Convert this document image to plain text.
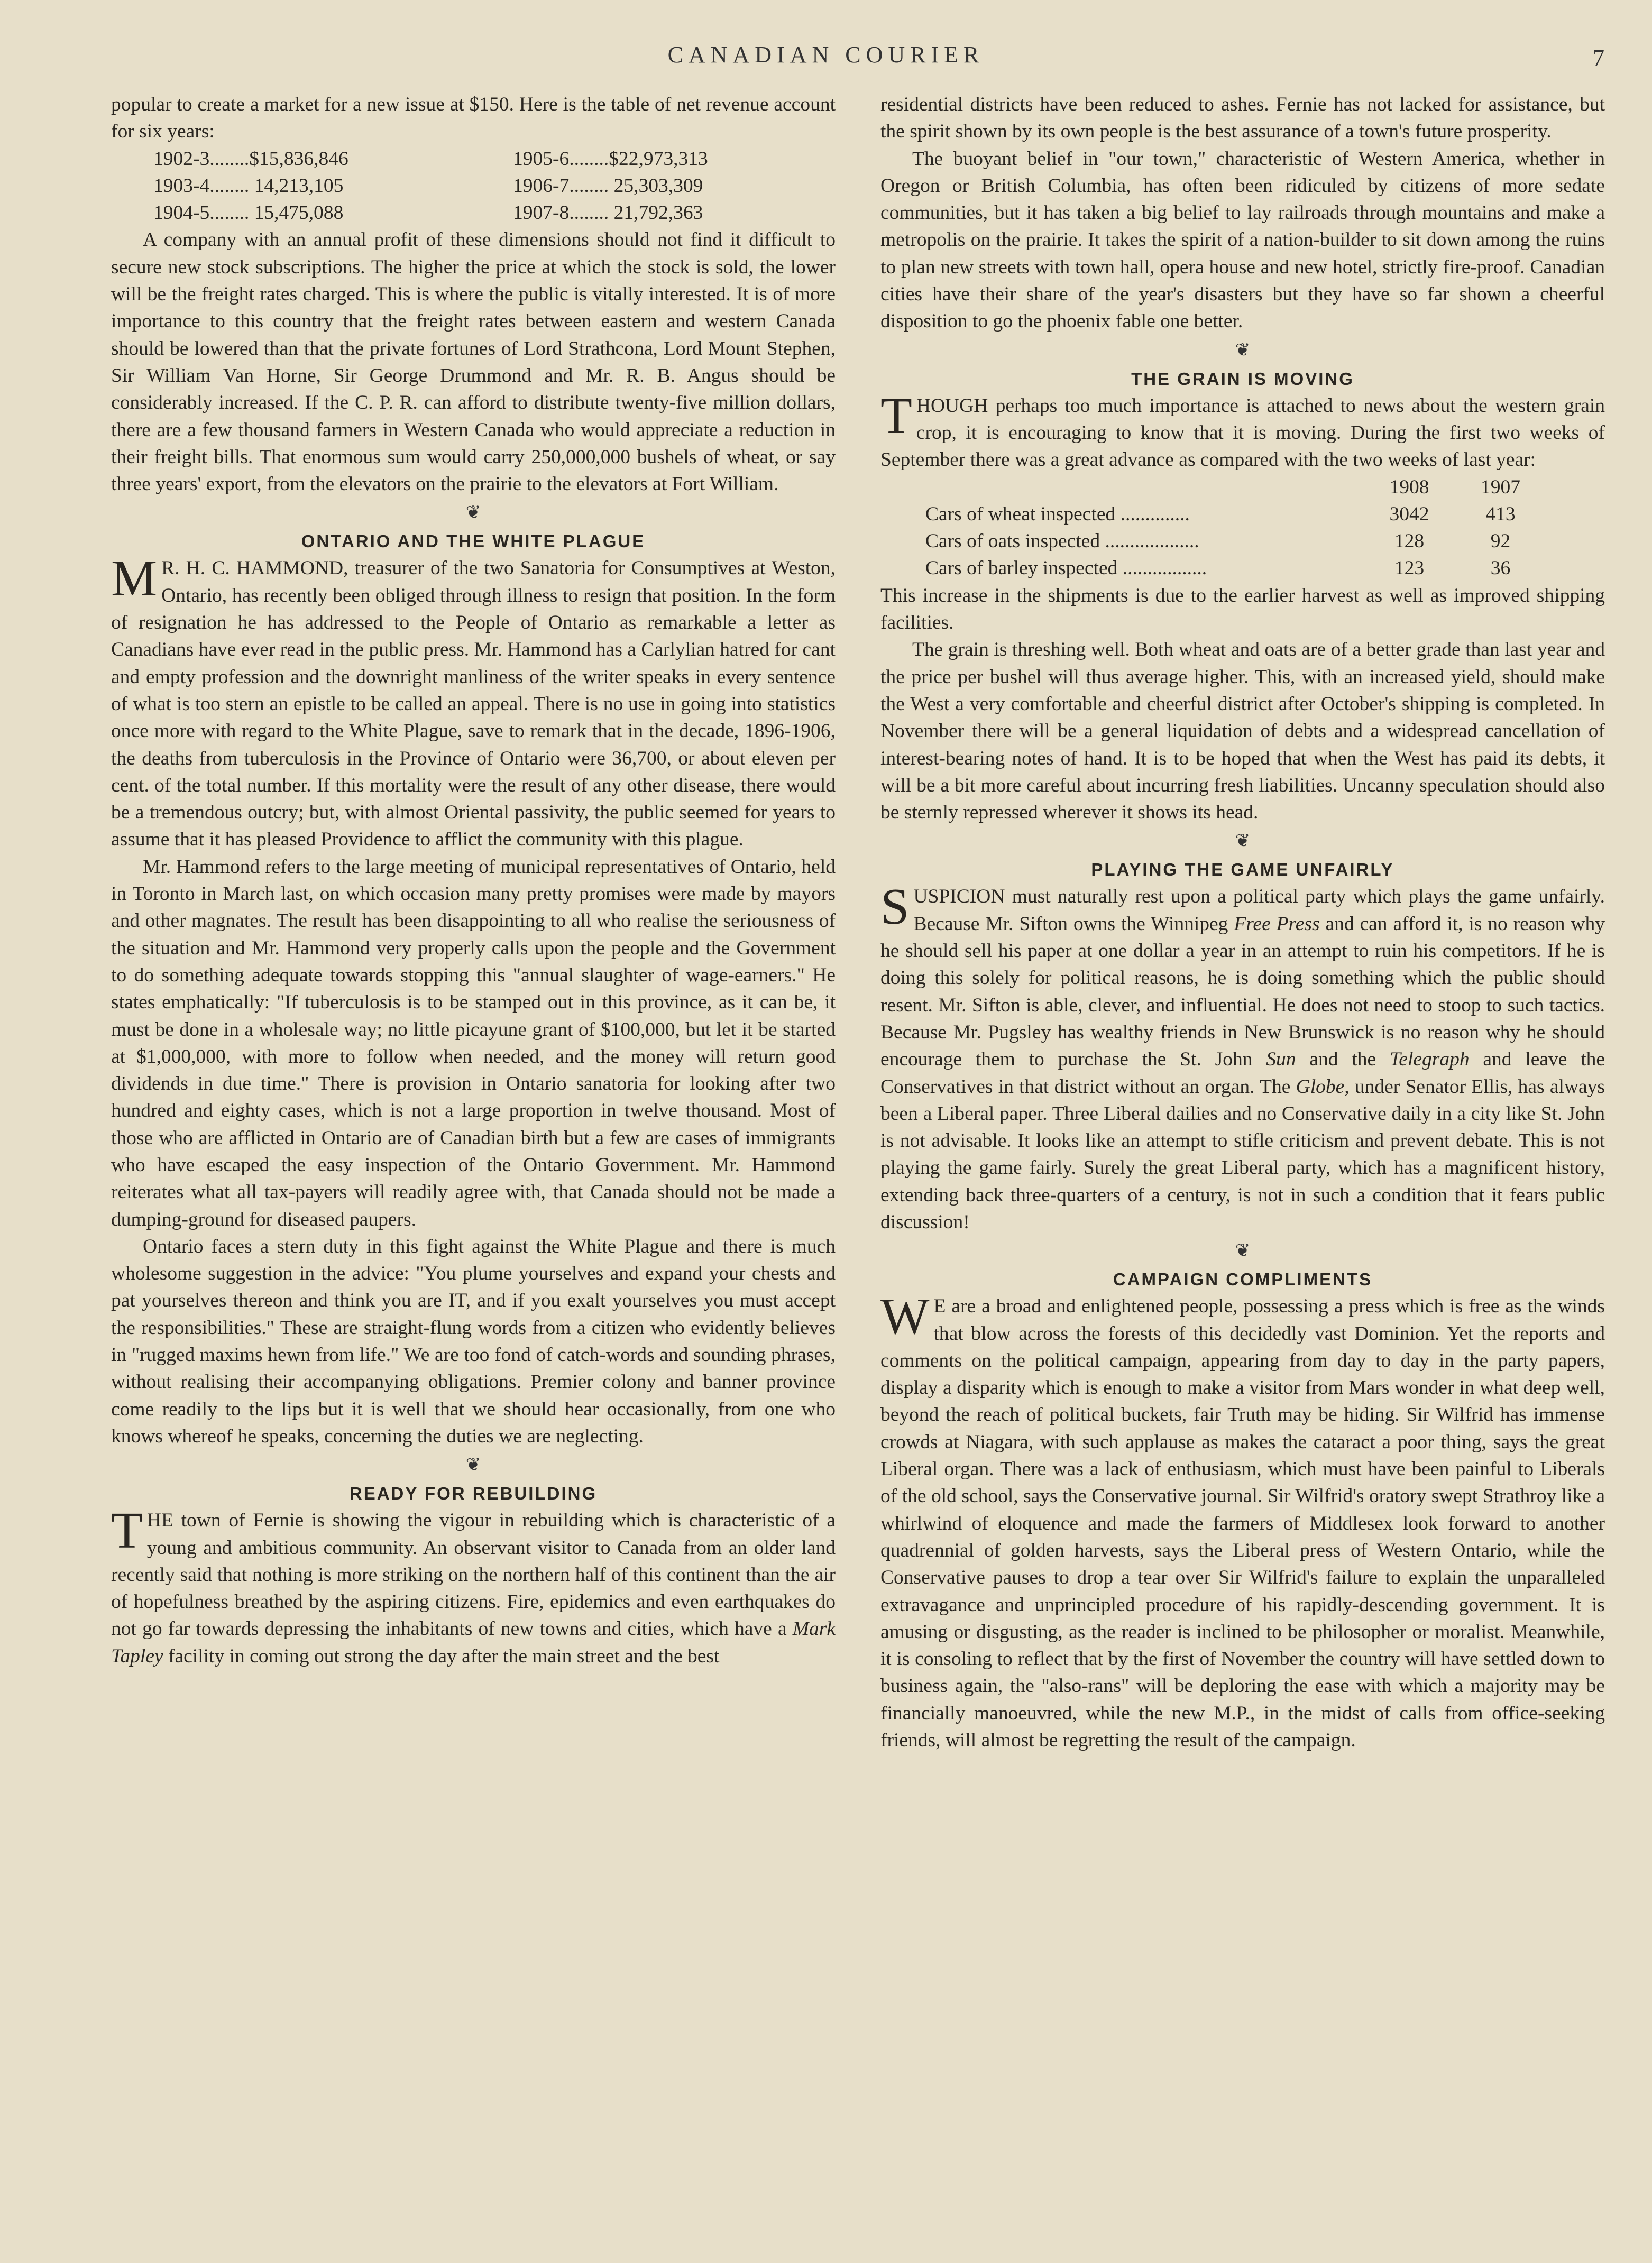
CANADIAN COURIER	7

popular to create a market for a new issue at $150. Here is the table of net revenue account for six years:

1902-3........$15,836,846	1905-6........$22,973,313
1903-4........ 14,213,105	1906-7........ 25,303,309
1904-5........ 15,475,088	1907-8........ 21,792,363

A company with an annual profit of these dimensions should not find it difficult to secure new stock subscriptions. The higher the price at which the stock is sold, the lower will be the freight rates charged. This is where the public is vitally interested. It is of more importance to this country that the freight rates between eastern and western Canada should be lowered than that the private fortunes of Lord Strathcona, Lord Mount Stephen, Sir William Van Horne, Sir George Drummond and Mr. R. B. Angus should be considerably increased. If the C. P. R. can afford to distribute twenty-five million dollars, there are a few thousand farmers in Western Canada who would appreciate a reduction in their freight bills. That enormous sum would carry 250,000,000 bushels of wheat, or say three years' export, from the elevators on the prairie to the elevators at Fort William.

❦
ONTARIO AND THE WHITE PLAGUE

M R. H. C. HAMMOND, treasurer of the two Sanatoria for Consumptives at Weston, Ontario, has recently been obliged through illness to resign that position. In the form of resignation he has addressed to the People of Ontario as remarkable a letter as Canadians have ever read in the public press. Mr. Hammond has a Carlylian hatred for cant and empty profession and the downright manliness of the writer speaks in every sentence of what is too stern an epistle to be called an appeal. There is no use in going into statistics once more with regard to the White Plague, save to remark that in the decade, 1896-1906, the deaths from tuberculosis in the Province of Ontario were 36,700, or about eleven per cent. of the total number. If this mortality were the result of any other disease, there would be a tremendous outcry; but, with almost Oriental passivity, the public seemed for years to assume that it has pleased Providence to afflict the community with this plague.

Mr. Hammond refers to the large meeting of municipal representatives of Ontario, held in Toronto in March last, on which occasion many pretty promises were made by mayors and other magnates. The result has been disappointing to all who realise the seriousness of the situation and Mr. Hammond very properly calls upon the people and the Government to do something adequate towards stopping this "annual slaughter of wage-earners." He states emphatically: "If tuberculosis is to be stamped out in this province, as it can be, it must be done in a wholesale way; no little picayune grant of $100,000, but let it be started at $1,000,000, with more to follow when needed, and the money will return good dividends in due time." There is provision in Ontario sanatoria for looking after two hundred and eighty cases, which is not a large proportion in twelve thousand. Most of those who are afflicted in Ontario are of Canadian birth but a few are cases of immigrants who have escaped the easy inspection of the Ontario Government. Mr. Hammond reiterates what all tax-payers will readily agree with, that Canada should not be made a dumping-ground for diseased paupers.

Ontario faces a stern duty in this fight against the White Plague and there is much wholesome suggestion in the advice: "You plume yourselves and expand your chests and pat yourselves thereon and think you are IT, and if you exalt yourselves you must accept the responsibilities." These are straight-flung words from a citizen who evidently believes in "rugged maxims hewn from life." We are too fond of catch-words and sounding phrases, without realising their accompanying obligations. Premier colony and banner province come readily to the lips but it is well that we should hear occasionally, from one who knows whereof he speaks, concerning the duties we are neglecting.

❦
READY FOR REBUILDING

THE town of Fernie is showing the vigour in rebuilding which is characteristic of a young and ambitious community. An observant visitor to Canada from an older land recently said that nothing is more striking on the northern half of this continent than the air of hopefulness breathed by the aspiring citizens. Fire, epidemics and even earthquakes do not go far towards depressing the inhabitants of new towns and cities, which have a Mark Tapley facility in coming out strong the day after the main street and the best

residential districts have been reduced to ashes. Fernie has not lacked for assistance, but the spirit shown by its own people is the best assurance of a town's future prosperity.

The buoyant belief in "our town," characteristic of Western America, whether in Oregon or British Columbia, has often been ridiculed by citizens of more sedate communities, but it has taken a big belief to lay railroads through mountains and make a metropolis on the prairie. It takes the spirit of a nation-builder to sit down among the ruins to plan new streets with town hall, opera house and new hotel, strictly fire-proof. Canadian cities have their share of the year's disasters but they have so far shown a cheerful disposition to go the phoenix fable one better.

❦
THE GRAIN IS MOVING

THOUGH perhaps too much importance is attached to news about the western grain crop, it is encouraging to know that it is moving. During the first two weeks of September there was a great advance as compared with the two weeks of last year:

1908	1907
Cars of wheat inspected ..............	3042	413
Cars of oats inspected ...................	128	92
Cars of barley inspected .................	123	36

This increase in the shipments is due to the earlier harvest as well as improved shipping facilities.

The grain is threshing well. Both wheat and oats are of a better grade than last year and the price per bushel will thus average higher. This, with an increased yield, should make the West a very comfortable and cheerful district after October's shipping is completed. In November there will be a general liquidation of debts and a widespread cancellation of interest-bearing notes of hand. It is to be hoped that when the West has paid its debts, it will be a bit more careful about incurring fresh liabilities. Uncanny speculation should also be sternly repressed wherever it shows its head.

❦
PLAYING THE GAME UNFAIRLY

SUSPICION must naturally rest upon a political party which plays the game unfairly. Because Mr. Sifton owns the Winnipeg Free Press and can afford it, is no reason why he should sell his paper at one dollar a year in an attempt to ruin his competitors. If he is doing this solely for political reasons, he is doing something which the public should resent. Mr. Sifton is able, clever, and influential. He does not need to stoop to such tactics. Because Mr. Pugsley has wealthy friends in New Brunswick is no reason why he should encourage them to purchase the St. John Sun and the Telegraph and leave the Conservatives in that district without an organ. The Globe, under Senator Ellis, has always been a Liberal paper. Three Liberal dailies and no Conservative daily in a city like St. John is not advisable. It looks like an attempt to stifle criticism and prevent debate. This is not playing the game fairly. Surely the great Liberal party, which has a magnificent history, extending back three-quarters of a century, is not in such a condition that it fears public discussion!

❦
CAMPAIGN COMPLIMENTS

W E are a broad and enlightened people, possessing a press which is free as the winds that blow across the forests of this decidedly vast Dominion. Yet the reports and comments on the political campaign, appearing from day to day in the party papers, display a disparity which is enough to make a visitor from Mars wonder in what deep well, beyond the reach of political buckets, fair Truth may be hiding. Sir Wilfrid has immense crowds at Niagara, with such applause as makes the cataract a poor thing, says the great Liberal organ. There was a lack of enthusiasm, which must have been painful to Liberals of the old school, says the Conservative journal. Sir Wilfrid's oratory swept Strathroy like a whirlwind of eloquence and made the farmers of Middlesex look forward to another quadrennial of golden harvests, says the Liberal press of Western Ontario, while the Conservative pauses to drop a tear over Sir Wilfrid's failure to explain the unparalleled extravagance and unprincipled procedure of his rapidly-descending government. It is amusing or disgusting, as the reader is inclined to be philosopher or moralist. Meanwhile, it is consoling to reflect that by the first of November the country will have settled down to business again, the "also-rans" will be deploring the ease with which a majority may be financially manoeuvred, while the new M.P., in the midst of calls from office-seeking friends, will almost be regretting the result of the campaign.
